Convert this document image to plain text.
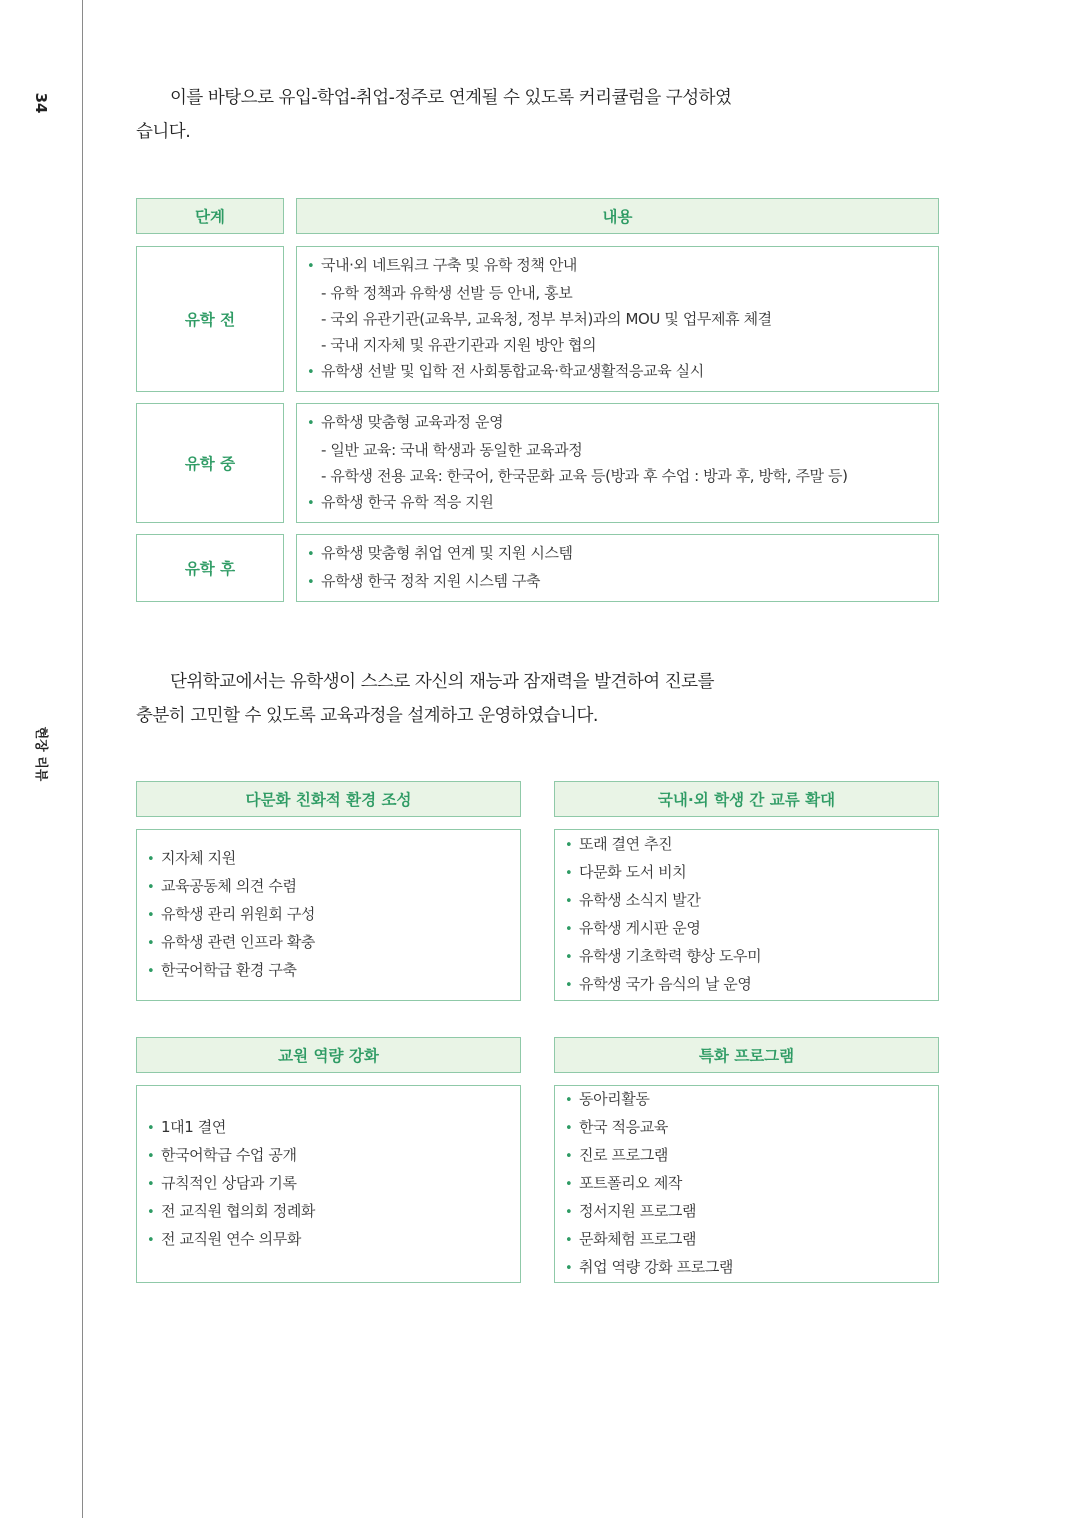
34
현장 리뷰
이를 바탕으로 유입-학업-취업-정주로 연계될 수 있도록 커리큘럼을 구성하였
습니다.
단계	내용
유학 전
• 국내·외 네트워크 구축 및 유학 정책 안내
- 유학 정책과 유학생 선발 등 안내, 홍보
- 국외 유관기관(교육부, 교육청, 정부 부처)과의 MOU 및 업무제휴 체결
- 국내 지자체 및 유관기관과 지원 방안 협의
• 유학생 선발 및 입학 전 사회통합교육·학교생활적응교육 실시
유학 중
• 유학생 맞춤형 교육과정 운영
- 일반 교육: 국내 학생과 동일한 교육과정
- 유학생 전용 교육: 한국어, 한국문화 교육 등(방과 후 수업 : 방과 후, 방학, 주말 등)
• 유학생 한국 유학 적응 지원
유학 후
• 유학생 맞춤형 취업 연계 및 지원 시스템
• 유학생 한국 정착 지원 시스템 구축
단위학교에서는 유학생이 스스로 자신의 재능과 잠재력을 발견하여 진로를
충분히 고민할 수 있도록 교육과정을 설계하고 운영하였습니다.
다문화 친화적 환경 조성
• 지자체 지원
• 교육공동체 의견 수렴
• 유학생 관리 위원회 구성
• 유학생 관련 인프라 확충
• 한국어학급 환경 구축
국내·외 학생 간 교류 확대
• 또래 결연 추진
• 다문화 도서 비치
• 유학생 소식지 발간
• 유학생 게시판 운영
• 유학생 기초학력 향상 도우미
• 유학생 국가 음식의 날 운영
교원 역량 강화
• 1대1 결연
• 한국어학급 수업 공개
• 규칙적인 상담과 기록
• 전 교직원 협의회 정례화
• 전 교직원 연수 의무화
특화 프로그램
• 동아리활동
• 한국 적응교육
• 진로 프로그램
• 포트폴리오 제작
• 정서지원 프로그램
• 문화체험 프로그램
• 취업 역량 강화 프로그램
